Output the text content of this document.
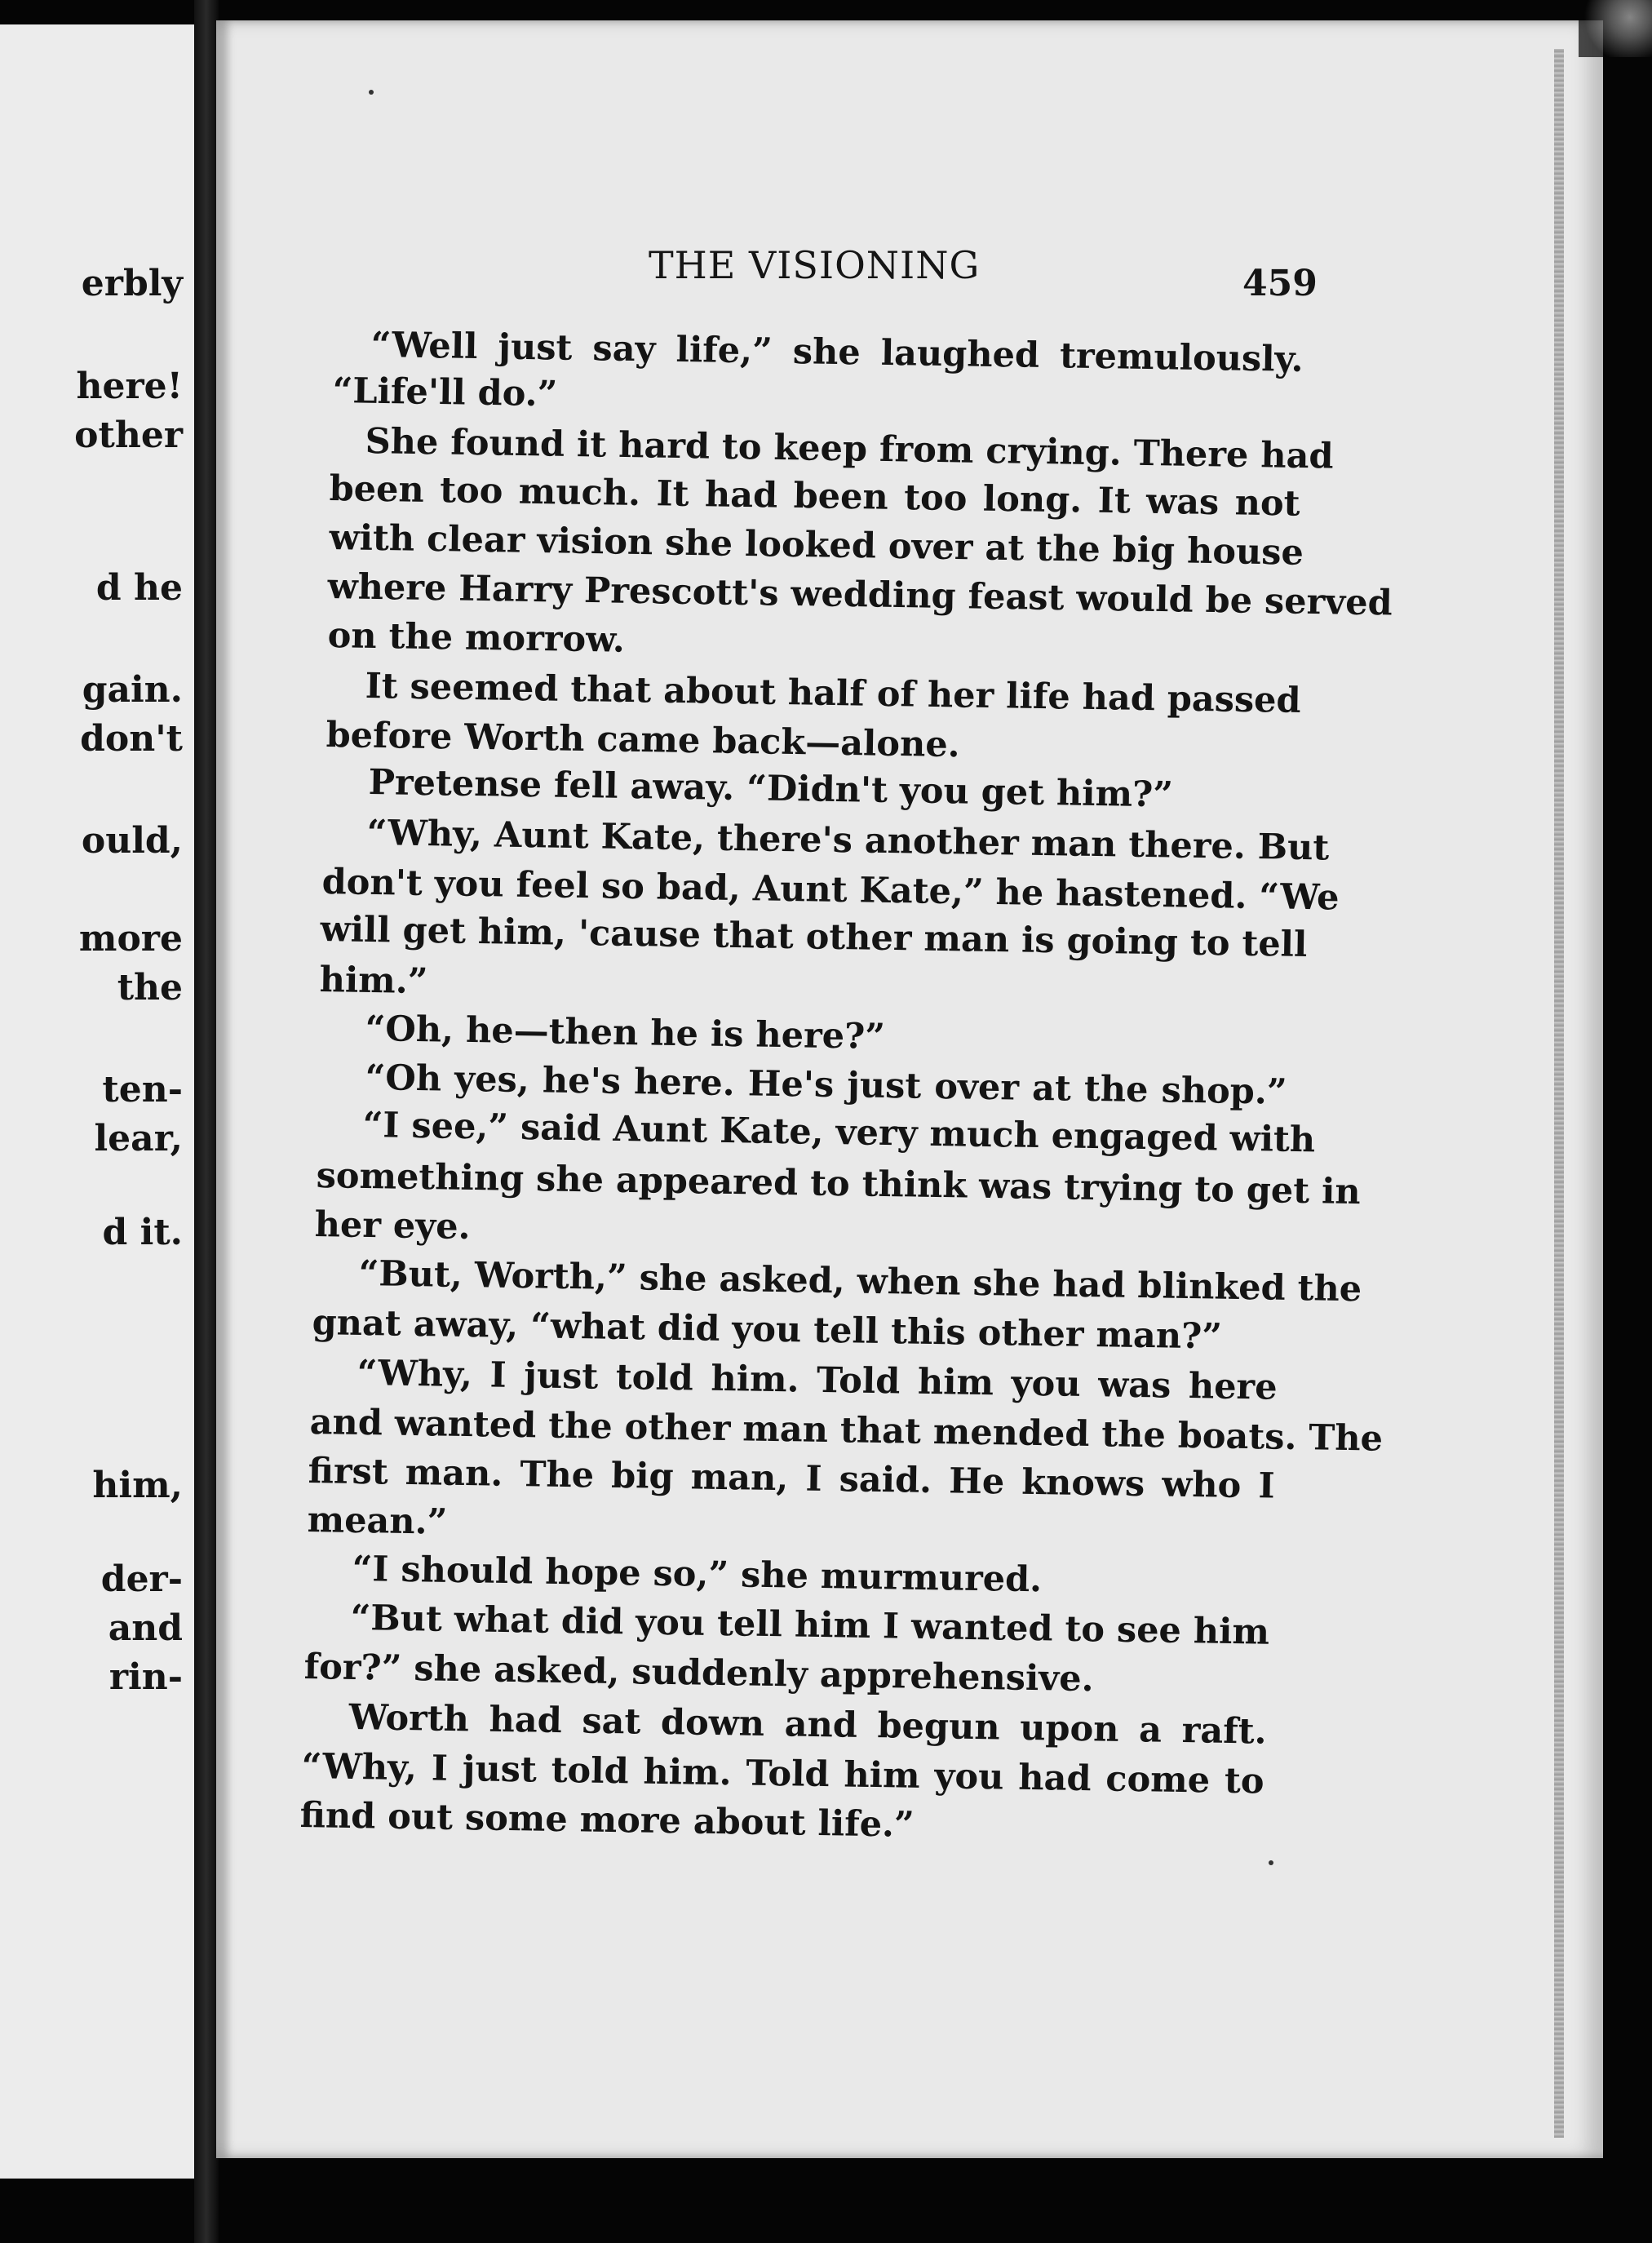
erbly
here!
other
d he
gain.
don't
ould,
more
the
ten-
lear,
d it.
him,
der-
and
rin-
THE VISIONING	459
“Well just say life,” she laughed tremulously.
“Life'll do.”
She found it hard to keep from crying. There had
been too much. It had been too long. It was not
with clear vision she looked over at the big house
where Harry Prescott's wedding feast would be served
on the morrow.
It seemed that about half of her life had passed
before Worth came back—alone.
Pretense fell away. “Didn't you get him?”
“Why, Aunt Kate, there's another man there. But
don't you feel so bad, Aunt Kate,” he hastened. “We
will get him, 'cause that other man is going to tell
him.”
“Oh, he—then he is here?”
“Oh yes, he's here. He's just over at the shop.”
“I see,” said Aunt Kate, very much engaged with
something she appeared to think was trying to get in
her eye.
“But, Worth,” she asked, when she had blinked the
gnat away, “what did you tell this other man?”
“Why, I just told him. Told him you was here
and wanted the other man that mended the boats. The
first man. The big man, I said. He knows who I
mean.”
“I should hope so,” she murmured.
“But what did you tell him I wanted to see him
for?” she asked, suddenly apprehensive.
Worth had sat down and begun upon a raft.
“Why, I just told him. Told him you had come to
find out some more about life.”
